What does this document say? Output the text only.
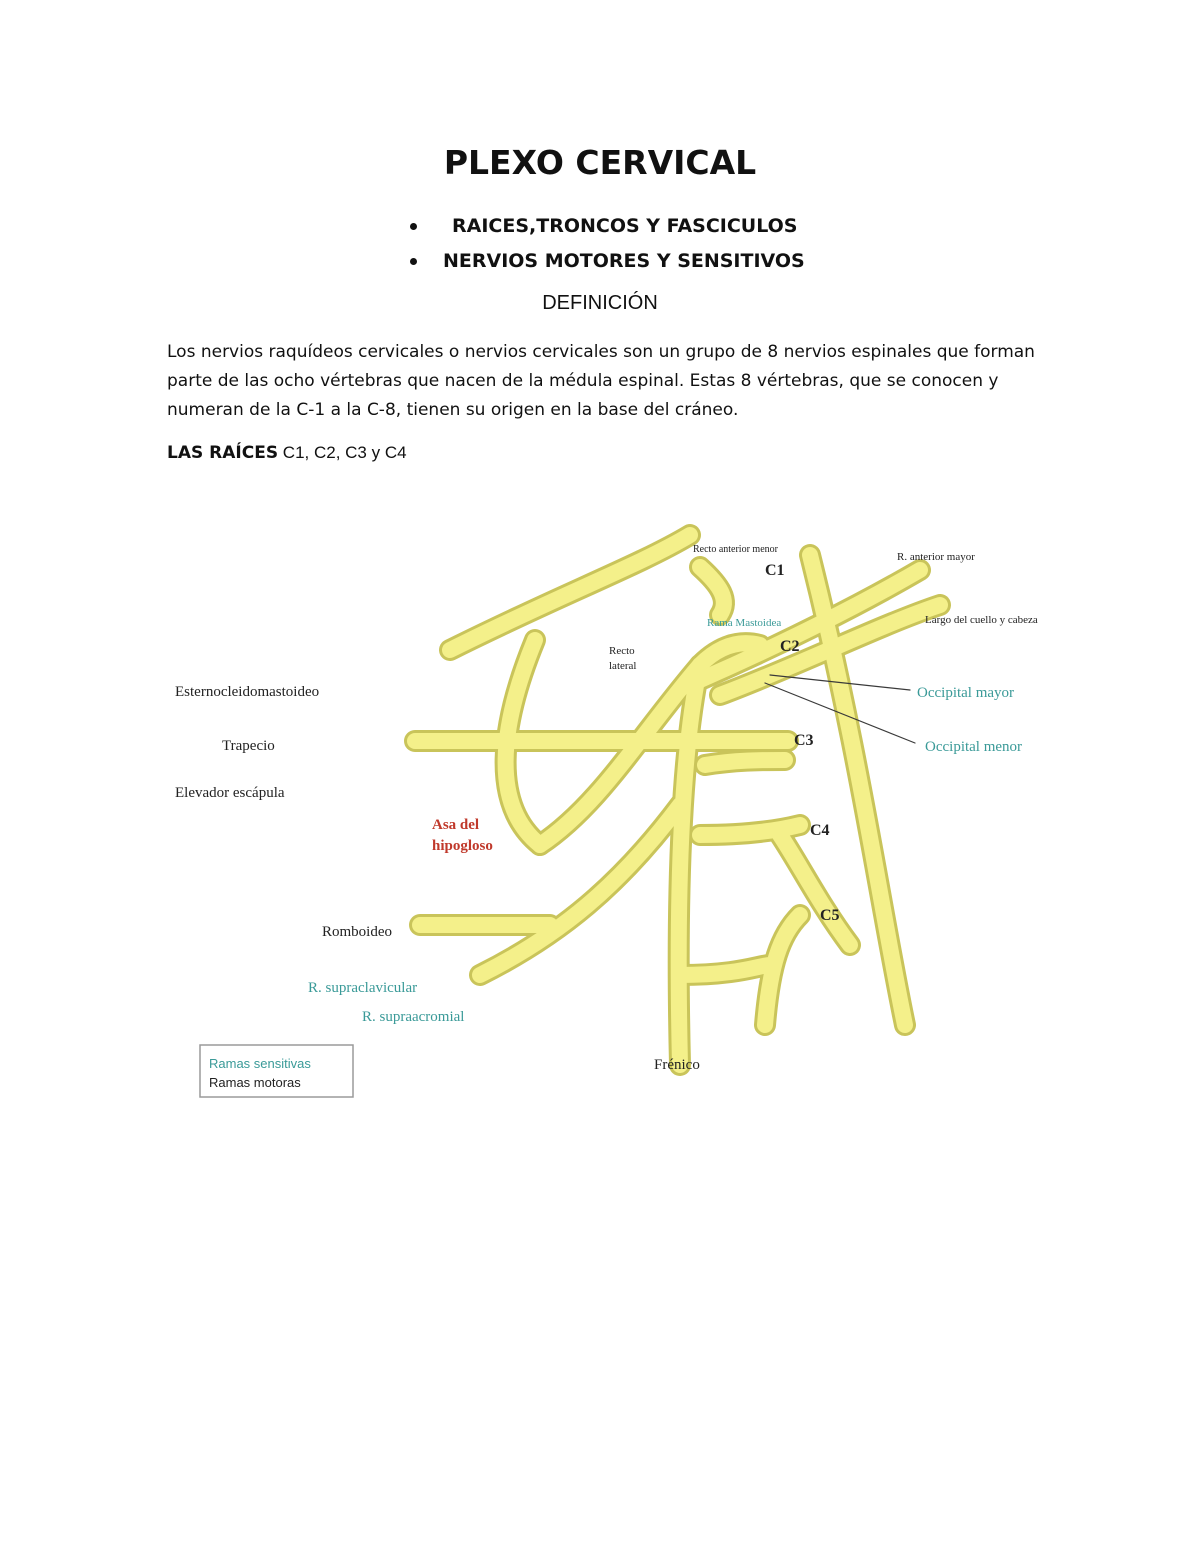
PLEXO CERVICAL
RAICES,TRONCOS Y FASCICULOS
NERVIOS MOTORES Y SENSITIVOS
DEFINICIÓN

Los nervios raquídeos cervicales o nervios cervicales son un grupo de 8 nervios espinales que forman parte de las ocho vértebras que nacen de la médula espinal. Estas 8 vértebras, que se conocen y numeran de la C-1 a la C-8, tienen su origen en la base del cráneo.

LAS RAÍCES C1, C2, C3 y C4

Recto anterior menor
R. anterior mayor
Largo del cuello y cabeza
Rama Mastoidea
Recto
lateral
C1
C2
C3
C4
C5
Esternocleidomastoideo
Trapecio
Elevador escápula
Asa del
hipogloso
Occipital mayor
Occipital menor
Romboideo
R. supraclavicular
R. supraacromial
Frénico
Ramas sensitivas
Ramas motoras
